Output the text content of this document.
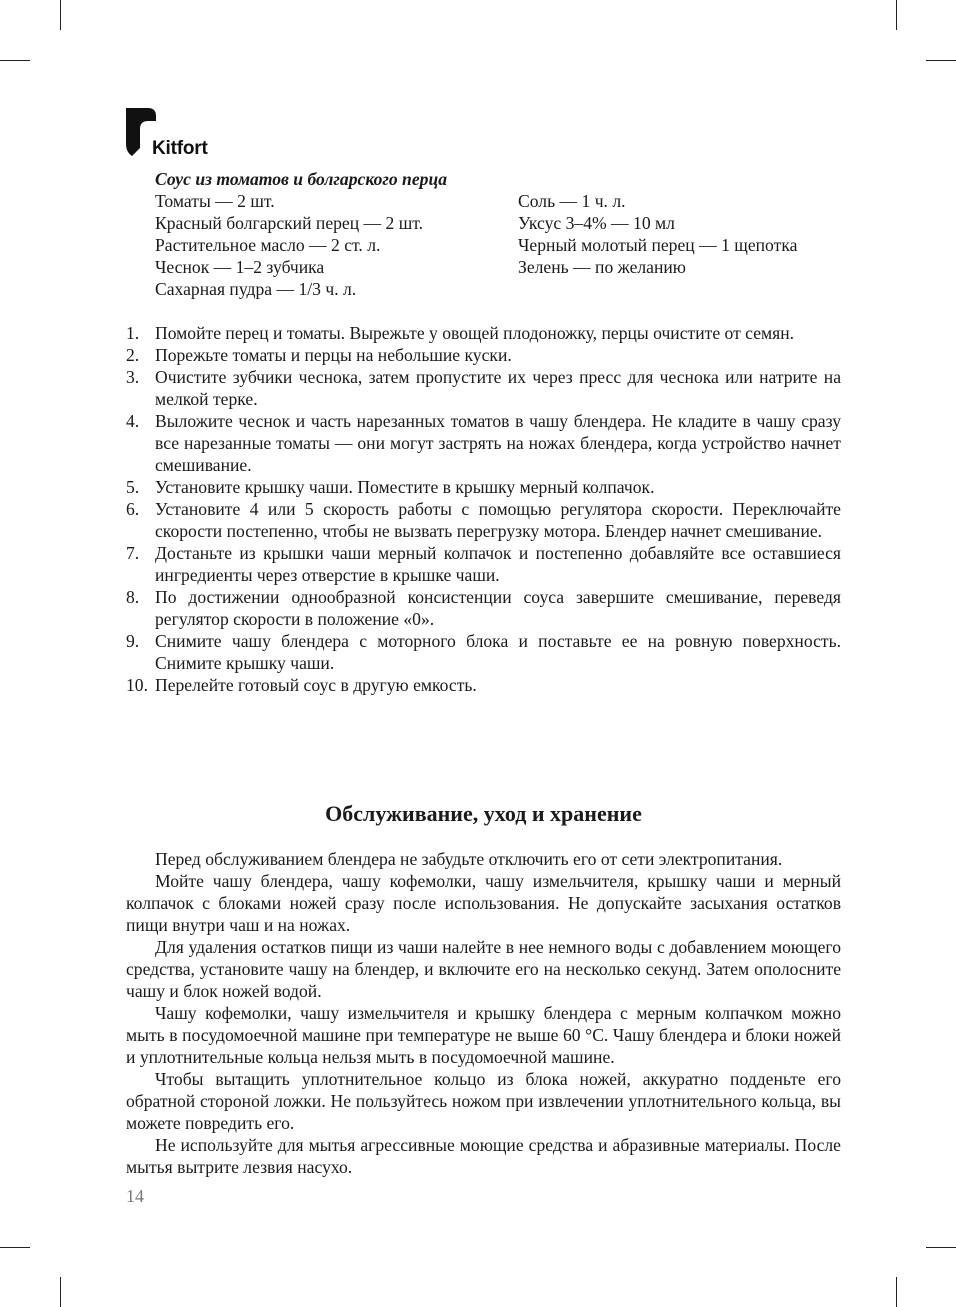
Kitfort
Соус из томатов и болгарского перца
Томаты — 2 шт.
Красный болгарский перец — 2 шт.
Растительное масло — 2 ст. л.
Чеснок — 1–2 зубчика
Сахарная пудра — 1/3 ч. л.
Соль — 1 ч. л.
Уксус 3–4% — 10 мл
Черный молотый перец — 1 щепотка
Зелень — по желанию
1. Помойте перец и томаты. Вырежьте у овощей плодоножку, перцы очистите от семян.
2. Порежьте томаты и перцы на небольшие куски.
3. Очистите зубчики чеснока, затем пропустите их через пресс для чеснока или натрите на мелкой терке.
4. Выложите чеснок и часть нарезанных томатов в чашу блендера. Не кладите в чашу сразу все нарезанные томаты — они могут застрять на ножах блендера, когда устройство начнет смешивание.
5. Установите крышку чаши. Поместите в крышку мерный колпачок.
6. Установите 4 или 5 скорость работы с помощью регулятора скорости. Переключайте скорости постепенно, чтобы не вызвать перегрузку мотора. Блендер начнет смешивание.
7. Достаньте из крышки чаши мерный колпачок и постепенно добавляйте все оставшиеся ингредиенты через отверстие в крышке чаши.
8. По достижении однообразной консистенции соуса завершите смешивание, переведя регулятор скорости в положение «0».
9. Снимите чашу блендера с моторного блока и поставьте ее на ровную поверхность. Снимите крышку чаши.
10. Перелейте готовый соус в другую емкость.
Обслуживание, уход и хранение

Перед обслуживанием блендера не забудьте отключить его от сети электропитания.

Мойте чашу блендера, чашу кофемолки, чашу измельчителя, крышку чаши и мерный колпачок с блоками ножей сразу после использования. Не допускайте засыхания остатков пищи внутри чаш и на ножах.

Для удаления остатков пищи из чаши налейте в нее немного воды с добавлением моющего средства, установите чашу на блендер, и включите его на несколько секунд. Затем ополосните чашу и блок ножей водой.

Чашу кофемолки, чашу измельчителя и крышку блендера с мерным колпачком можно мыть в посудомоечной машине при температуре не выше 60 °С. Чашу блендера и блоки ножей и уплотнительные кольца нельзя мыть в посудомоечной машине.

Чтобы вытащить уплотнительное кольцо из блока ножей, аккуратно подденьте его обратной стороной ложки. Не пользуйтесь ножом при извлечении уплотнительного кольца, вы можете повредить его.

Не используйте для мытья агрессивные моющие средства и абразивные материалы. После мытья вытрите лезвия насухо.

14
